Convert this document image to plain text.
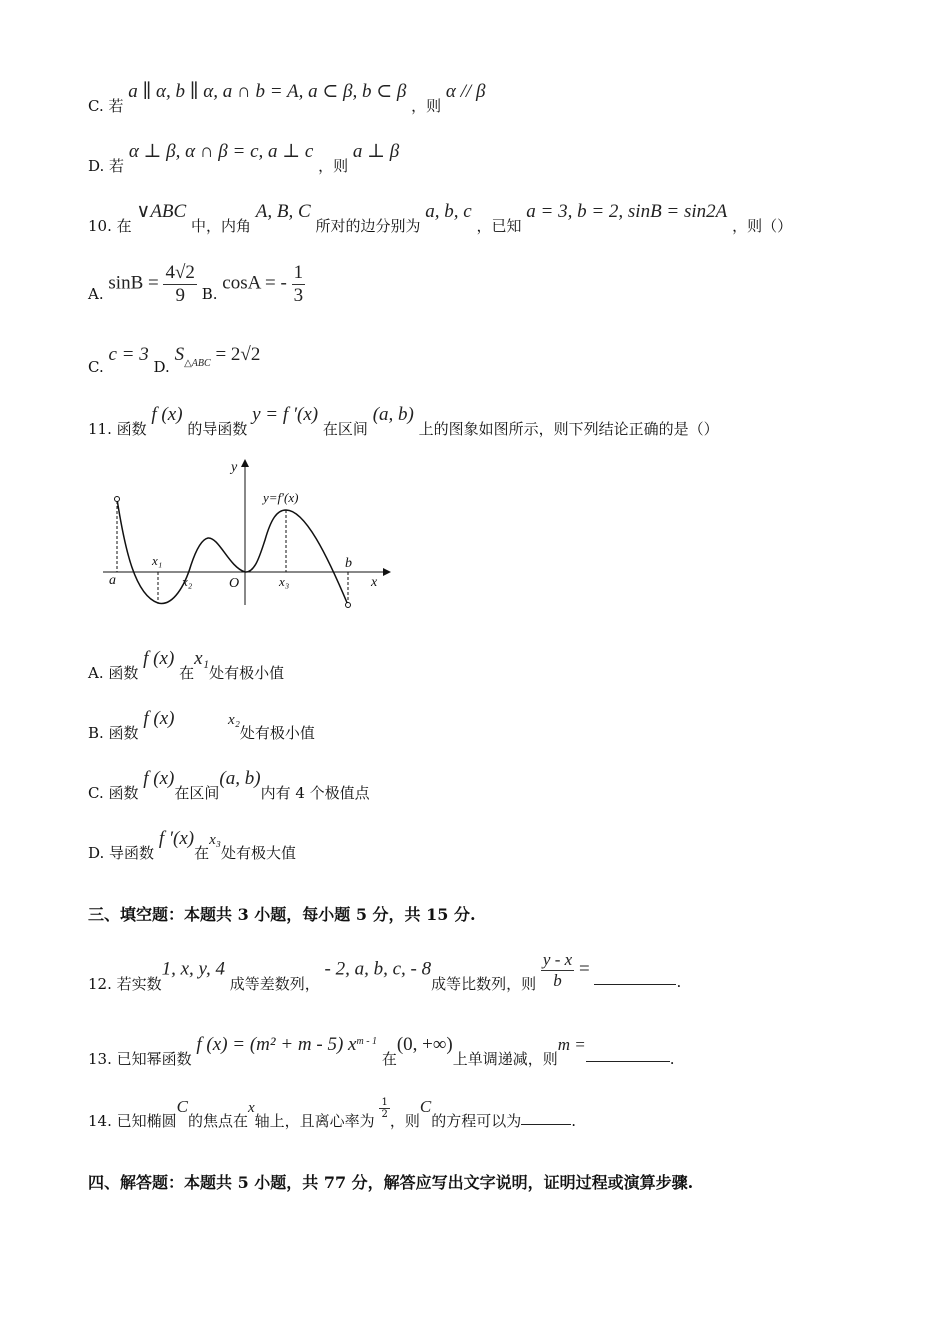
C. 若 a ∥ α, b ∥ α, a ∩ b = A, a ⊂ β, b ⊂ β ，则 α // β
D. 若 α ⊥ β, α ∩ β = c, a ⊥ c ，则 a ⊥ β
10. 在 ∨ABC 中，内角 A, B, C 所对的边分别为 a, b, c ，已知 a = 3, b = 2, sinB = sin2A ，则（）
A. $\sin B = \frac{4√2}{9} B$. cosA = - $\frac{1}{3}$
C. c = 3 D. $S_{\triangle ABC} = 2√2$
11. 函数 f (x) 的导函数 y = f ′(x) 在区间 (a, b) 上的图象如图所示，则下列结论正确的是（）
y
x
y=f′(x)
O
a
b
x₁
x₂	x₃
A. 函数 f (x) 在x₁处有极小值
B. 函数 f (x)	x₂处有极小值
C. 函数 f (x)在区间(a, b)内有 4 个极值点
D. 导函数 f ′(x)在x₃处有极大值
三、填空题：本题共 3 小题，每小题 5 分，共 15 分.
12. 若实数1, x, y, 4 成等差数列， - 2, a, b, c, - 8成等比数列，则 $\frac{y - x}{b}$ = .
13. 已知幂函数 f (x) = (m² + m - 5) $x^{m - 1}$ 在(0, +∞)上单调递减，则m =.
14. 已知椭圆C的焦点在x轴上，且离心率为
$\frac{1}{2}$
，则C的方程可以为	.
四、解答题：本题共 5 小题，共 77 分，解答应写出文字说明，证明过程或演算步骤.
